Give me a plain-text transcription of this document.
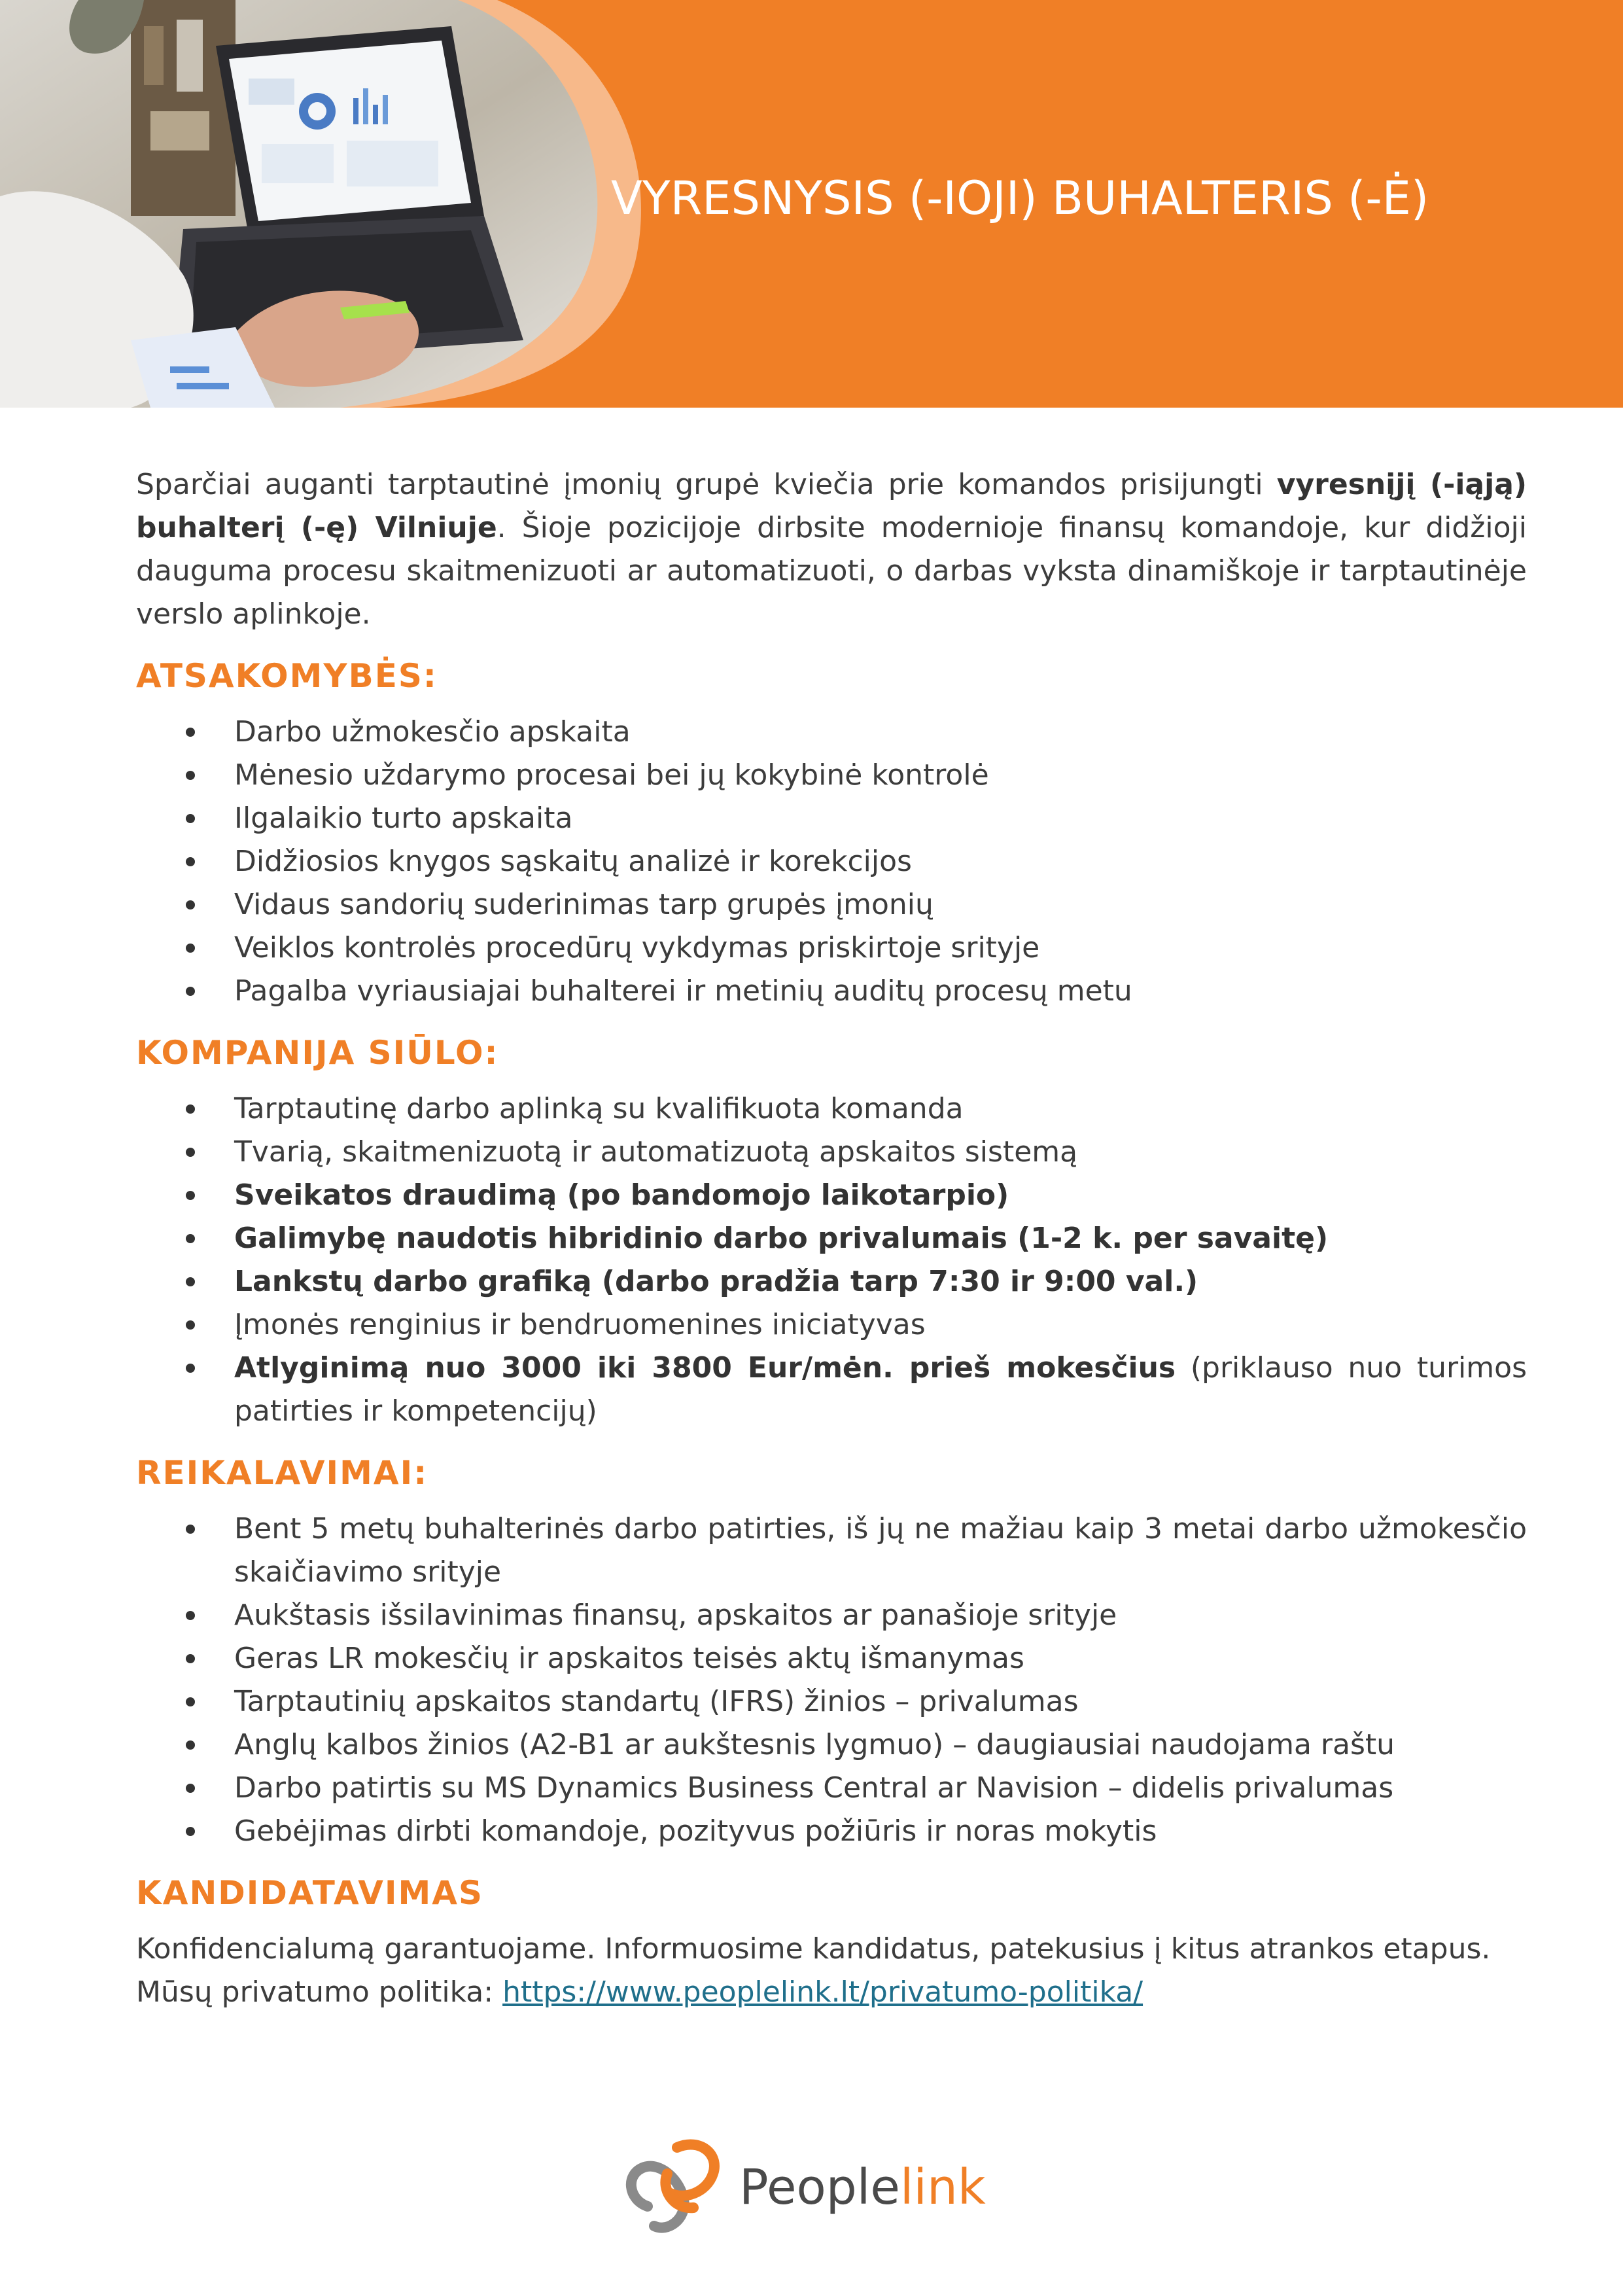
VYRESNYSIS (-IOJI) BUHALTERIS (-Ė)

Sparčiai auganti tarptautinė įmonių grupė kviečia prie komandos prisijungti vyresnįjį (-iąją) buhalterį (-ę) Vilniuje. Šioje pozicijoje dirbsite modernioje finansų komandoje, kur didžioji dauguma procesu skaitmenizuoti ar automatizuoti, o darbas vyksta dinamiškoje ir tarptautinėje verslo aplinkoje.

ATSAKOMYBĖS:
Darbo užmokesčio apskaita
Mėnesio uždarymo procesai bei jų kokybinė kontrolė
Ilgalaikio turto apskaita
Didžiosios knygos sąskaitų analizė ir korekcijos
Vidaus sandorių suderinimas tarp grupės įmonių
Veiklos kontrolės procedūrų vykdymas priskirtoje srityje
Pagalba vyriausiajai buhalterei ir metinių auditų procesų metu
KOMPANIJA SIŪLO:
Tarptautinę darbo aplinką su kvalifikuota komanda
Tvarią, skaitmenizuotą ir automatizuotą apskaitos sistemą
Sveikatos draudimą (po bandomojo laikotarpio)
Galimybę naudotis hibridinio darbo privalumais (1-2 k. per savaitę)
Lankstų darbo grafiką (darbo pradžia tarp 7:30 ir 9:00 val.)
Įmonės renginius ir bendruomenines iniciatyvas
Atlyginimą nuo 3000 iki 3800 Eur/mėn. prieš mokesčius (priklauso nuo turimos patirties ir kompetencijų)
REIKALAVIMAI:
Bent 5 metų buhalterinės darbo patirties, iš jų ne mažiau kaip 3 metai darbo užmokesčio skaičiavimo srityje
Aukštasis išsilavinimas finansų, apskaitos ar panašioje srityje
Geras LR mokesčių ir apskaitos teisės aktų išmanymas
Tarptautinių apskaitos standartų (IFRS) žinios – privalumas
Anglų kalbos žinios (A2-B1 ar aukštesnis lygmuo) – daugiausiai naudojama raštu
Darbo patirtis su MS Dynamics Business Central ar Navision – didelis privalumas
Gebėjimas dirbti komandoje, pozityvus požiūris ir noras mokytis
KANDIDATAVIMAS

Konfidencialumą garantuojame. Informuosime kandidatus, patekusius į kitus atrankos etapus.
Mūsų privatumo politika: https://www.peoplelink.lt/privatumo-politika/

Peoplelink
